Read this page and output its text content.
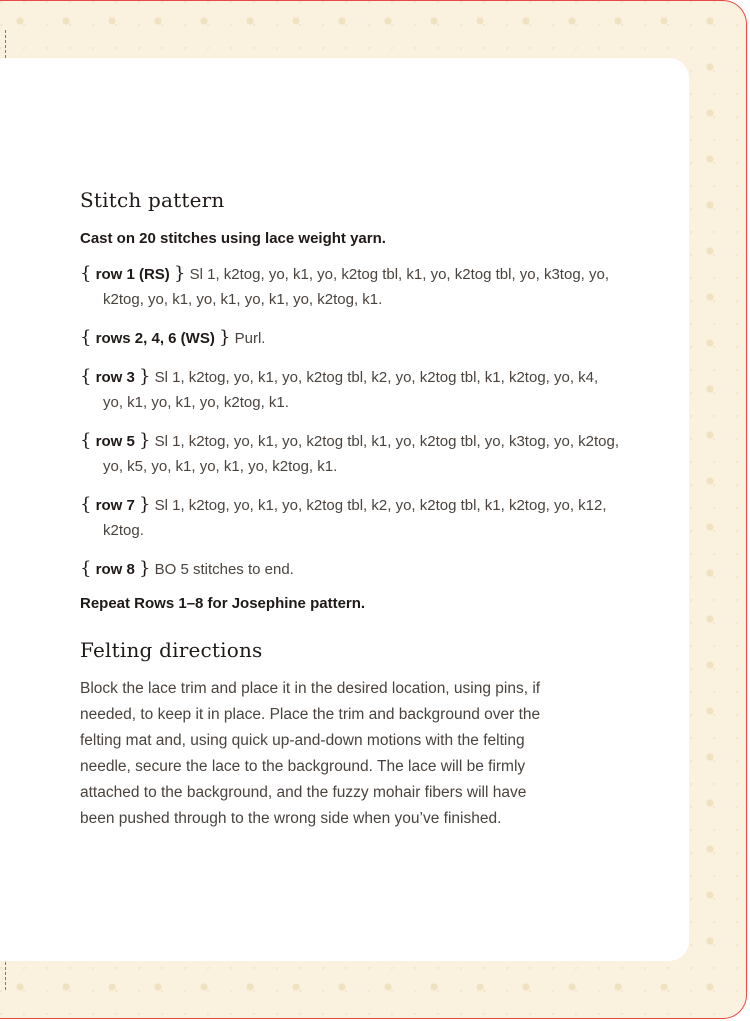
Stitch pattern

Cast on 20 stitches using lace weight yarn.

{ row 1 (RS) } Sl 1, k2tog, yo, k1, yo, k2tog tbl, k1, yo, k2tog tbl, yo, k3tog, yo, k2tog, yo, k1, yo, k1, yo, k1, yo, k2tog, k1.

{ rows 2, 4, 6 (WS) } Purl.

{ row 3 } Sl 1, k2tog, yo, k1, yo, k2tog tbl, k2, yo, k2tog tbl, k1, k2tog, yo, k4, yo, k1, yo, k1, yo, k2tog, k1.

{ row 5 } Sl 1, k2tog, yo, k1, yo, k2tog tbl, k1, yo, k2tog tbl, yo, k3tog, yo, k2tog, yo, k5, yo, k1, yo, k1, yo, k2tog, k1.

{ row 7 } Sl 1, k2tog, yo, k1, yo, k2tog tbl, k2, yo, k2tog tbl, k1, k2tog, yo, k12, k2tog.

{ row 8 } BO 5 stitches to end.

Repeat Rows 1–8 for Josephine pattern.

Felting directions

Block the lace trim and place it in the desired location, using pins, if needed, to keep it in place. Place the trim and background over the felting mat and, using quick up-and-down motions with the felting needle, secure the lace to the background. The lace will be firmly attached to the background, and the fuzzy mohair fibers will have been pushed through to the wrong side when you’ve finished.
